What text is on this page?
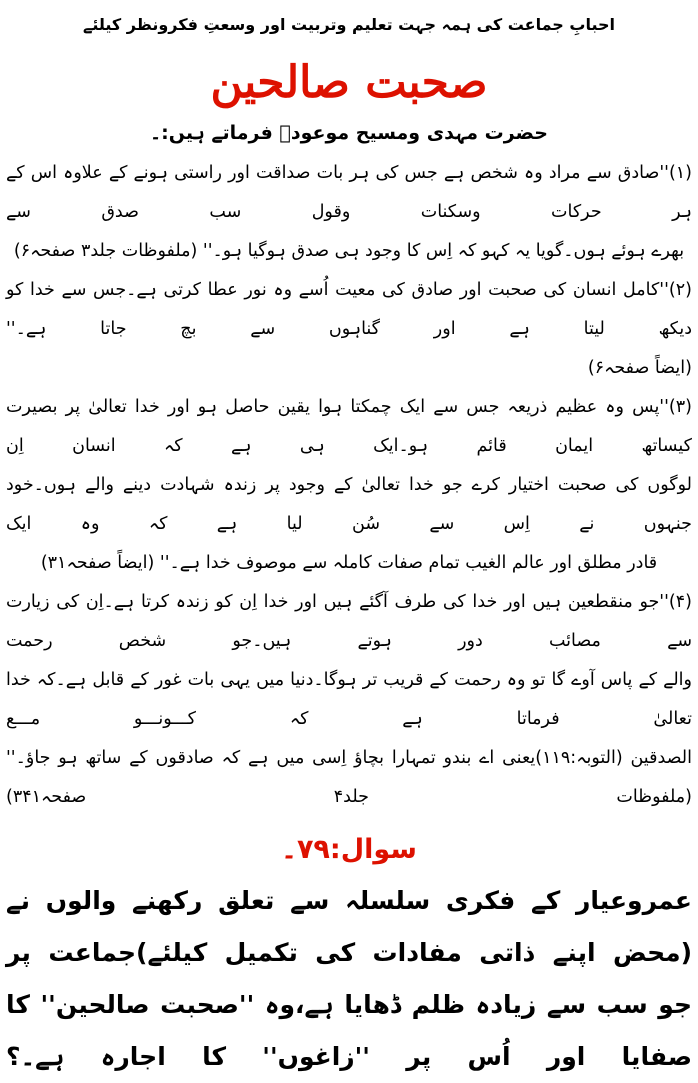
احبابِ جماعت کی ہمہ جہت تعلیم وتربیت اور وسعتِ فکرونظر کیلئے
صحبت صالحین
حضرت مہدی ومسیح موعودؑ فرماتے ہیں:۔
(۱)''صادق سے مراد وہ شخص ہے جس کی ہر بات صداقت اور راستی ہونے کے علاوہ اس کے ہر حرکات وسکنات وقول سب صدق سے
بھرے ہوئے ہوں۔گویا یہ کہو کہ اِس کا وجود ہی صدق ہوگیا ہو۔'' (ملفوظات جلد۳ صفحہ۶)
(۲)''کامل انسان کی صحبت اور صادق کی معیت اُسے وہ نور عطا کرتی ہے۔جس سے خدا کو دیکھ لیتا ہے اور گناہوں سے بچ جاتا ہے۔''
(ایضاً صفحہ۶)
(۳)''پس وہ عظیم ذریعہ جس سے ایک چمکتا ہوا یقین حاصل ہو اور خدا تعالیٰ پر بصیرت کیساتھ ایمان قائم ہو۔ایک ہی ہے کہ انسان اِن
لوگوں کی صحبت اختیار کرے جو خدا تعالیٰ کے وجود پر زندہ شہادت دینے والے ہوں۔خود جنہوں نے اِس سے سُن لیا ہے کہ وہ ایک
قادر مطلق اور عالم الغیب تمام صفات کاملہ سے موصوف خدا ہے۔'' (ایضاً صفحہ۳۱)
(۴)''جو منقطعین ہیں اور خدا کی طرف آگئے ہیں اور خدا اِن کو زندہ کرتا ہے۔اِن کی زیارت سے مصائب دور ہوتے ہیں۔جو شخص رحمت
والے کے پاس آوے گا تو وہ رحمت کے قریب تر ہوگا۔دنیا میں یہی بات غور کے قابل ہے۔کہ خدا تعالیٰ فرماتا ہے کہ کـــونـــو مـــع
الصدقین (التوبہ:۱۱۹)یعنی اے بندو تمہارا بچاؤ اِسی میں ہے کہ صادقوں کے ساتھ ہو جاؤ۔'' (ملفوظات جلد۴ صفحہ۳۴۱)
سوال:۷۹۔
عمروعیار کے فکری سلسلہ سے تعلق رکھنے والوں نے (محض اپنے ذاتی مفادات کی تکمیل کیلئے)جماعت پر
جو سب سے زیادہ ظلم ڈھایا ہے،وہ ''صحبت صالحین'' کا صفایا اور اُس پر ''زاغوں'' کا اجارہ ہے۔؟
